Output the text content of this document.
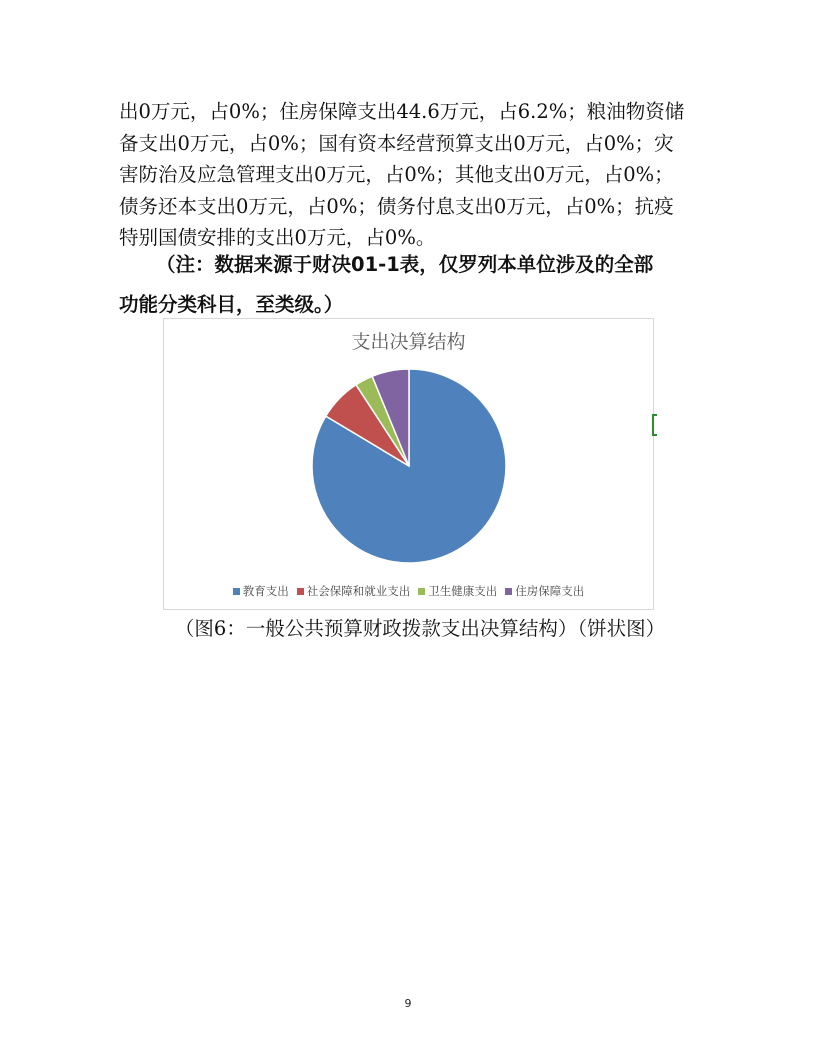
出0万元，占0%；住房保障支出44.6万元，占6.2%；粮油物资储
备支出0万元，占0%；国有资本经营预算支出0万元，占0%；灾
害防治及应急管理支出0万元，占0%；其他支出0万元，占0%；
债务还本支出0万元，占0%；债务付息支出0万元，占0%；抗疫
特别国债安排的支出0万元，占0%。
（注：数据来源于财决01-1表，仅罗列本单位涉及的全部
功能分类科目，至类级。）
支出决算结构
教育支出 社会保障和就业支出 卫生健康支出 住房保障支出
（图6：一般公共预算财政拨款支出决算结构）（饼状图）
9
